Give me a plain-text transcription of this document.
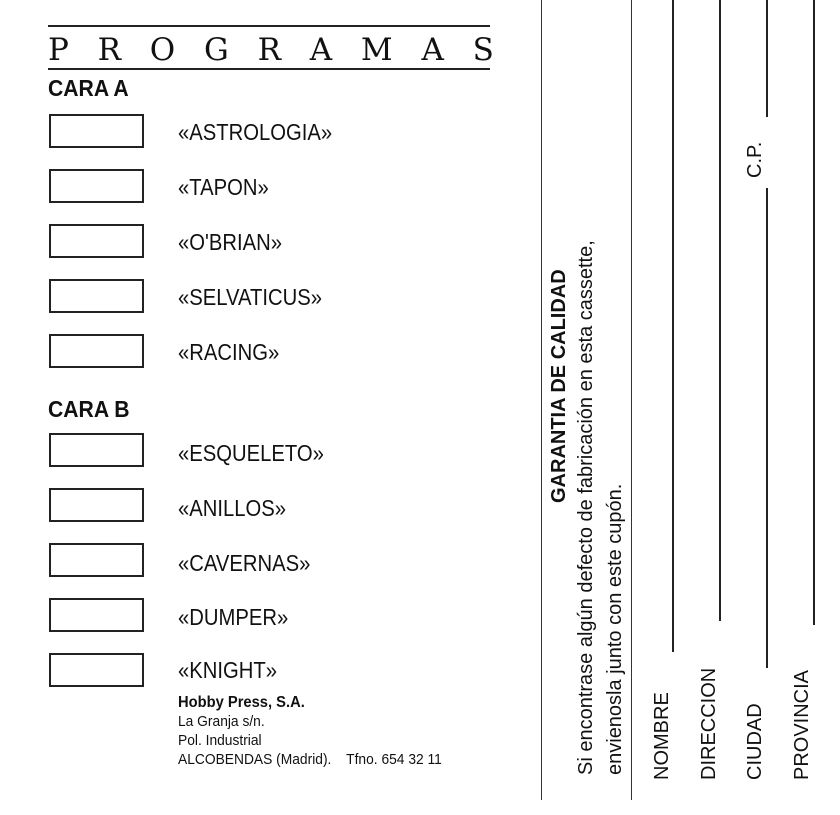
P R O G R A M A S
CARA A
«ASTROLOGIA»
«TAPON»
«O'BRIAN»
«SELVATICUS»
«RACING»
CARA B
«ESQUELETO»
«ANILLOS»
«CAVERNAS»
«DUMPER»
«KNIGHT»
Hobby Press, S.A.
La Granja s/n.
Pol. Industrial
ALCOBENDAS (Madrid). Tfno. 654 32 11
GARANTIA DE CALIDAD Si encontrase algún defecto de fabricación en esta cassette, envienosla junto con este cupón. NOMBRE DIRECCION CIUDAD
C.P.
PROVINCIA
